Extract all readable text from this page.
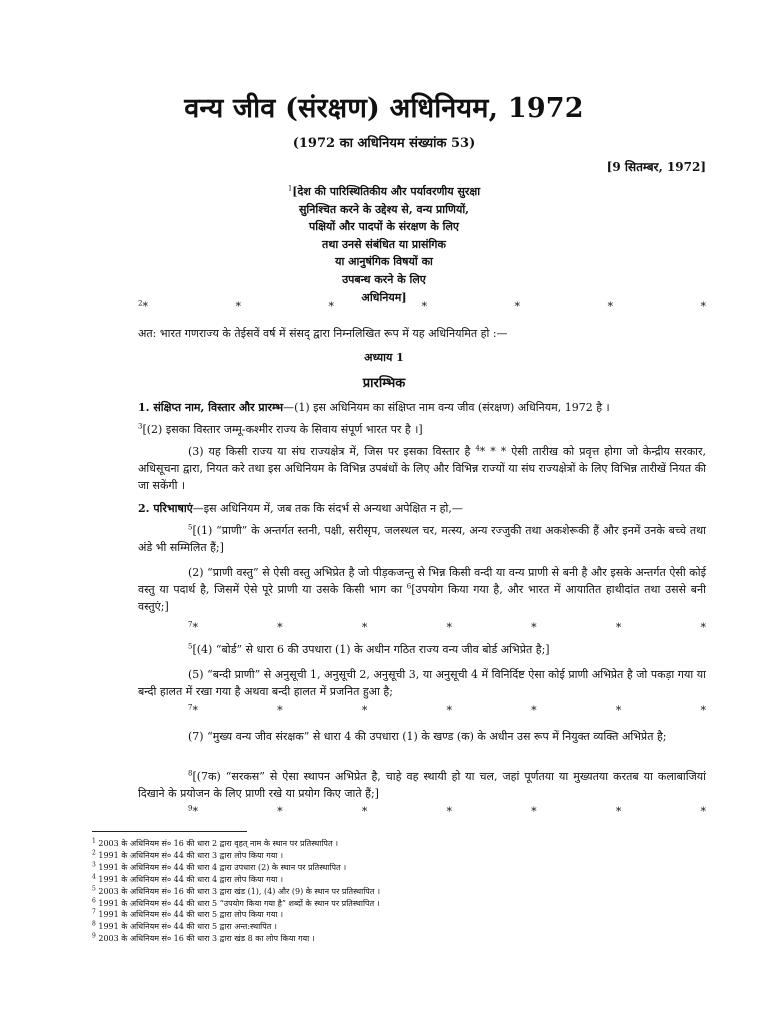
वन्य जीव (संरक्षण) अधिनियम, 1972
(1972 का अधिनियम संख्यांक 53)
[9 सितम्बर, 1972]
$^1$[देश की पारिस्थितिकीय और पर्यावरणीय सुरक्षा
सुनिश्चित करने के उद्देश्य से, वन्य प्राणियों,
पक्षियों और पादपों के संरक्षण के लिए
तथा उनसे संबंधित या प्रासंगिक
या आनुषंगिक विषयों का
उपबन्ध करने के लिए
अधिनियम]
$^2$*	*	*	*	*	*	*
अत: भारत गणराज्य के तेईसवें वर्ष में संसद् द्वारा निम्नलिखित रूप में यह अधिनियमित हो :—
अध्याय 1
प्रारम्भिक
1. संक्षिप्त नाम, विस्तार और प्रारम्भ—(1) इस अधिनियम का संक्षिप्त नाम वन्य जीव (संरक्षण) अधिनियम, 1972 है ।
$^3$[(2) इसका विस्तार जम्मू-कश्मीर राज्य के सिवाय संपूर्ण भारत पर है ।]
(3) यह किसी राज्य या संघ राज्यक्षेत्र में, जिस पर इसका विस्तार है $^4$* * * ऐसी तारीख को प्रवृत्त होगा जो केन्द्रीय सरकार, अधिसूचना द्वारा, नियत करे तथा इस अधिनियम के विभिन्न उपबंधों के लिए और विभिन्न राज्यों या संघ राज्यक्षेत्रों के लिए विभिन्न तारीखें नियत की जा सकेंगी ।
2. परिभाषाएं—इस अधिनियम में, जब तक कि संदर्भ से अन्यथा अपेक्षित न हो,—
$^5$[(1) “प्राणी” के अन्तर्गत स्तनी, पक्षी, सरीसृप, जलस्थल चर, मत्स्य, अन्य रज्जुकी तथा अकशेरूकी हैं और इनमें उनके बच्चे तथा अंडे भी सम्मिलित हैं;]
(2) “प्राणी वस्तु” से ऐसी वस्तु अभिप्रेत है जो पीड़कजन्तु से भिन्न किसी वन्दी या वन्य प्राणी से बनी है और इसके अन्तर्गत ऐसी कोई वस्तु या पदार्थ है, जिसमें ऐसे पूरे प्राणी या उसके किसी भाग का $^6$[उपयोग किया गया है, और भारत में आयातित हाथीदांत तथा उससे बनी वस्तुएं;]
$^7$*	*	*	*	*	*	*
$^5$[(4) “बोर्ड” से धारा 6 की उपधारा (1) के अधीन गठित राज्य वन्य जीव बोर्ड अभिप्रेत है;]
(5) “बन्दी प्राणी” से अनुसूची 1, अनुसूची 2, अनुसूची 3, या अनुसूची 4 में विनिर्दिष्ट ऐसा कोई प्राणी अभिप्रेत है जो पकड़ा गया या बन्दी हालत में रखा गया है अथवा बन्दी हालत में प्रजनित हुआ है;
$^7$*	*	*	*	*	*	*
(7) “मुख्य वन्य जीव संरक्षक” से धारा 4 की उपधारा (1) के खण्ड (क) के अधीन उस रूप में नियुक्त व्यक्ति अभिप्रेत है;
$^8$[(7क) “सरकस” से ऐसा स्थापन अभिप्रेत है, चाहे वह स्थायी हो या चल, जहां पूर्णतया या मुख्यतया करतब या कलाबाजियां दिखाने के प्रयोजन के लिए प्राणी रखे या प्रयोग किए जाते हैं;]
$^9$*	*	*	*	*	*	*
$^1$ 2003 के अधिनियम सं० 16 की धारा 2 द्वारा वृहत् नाम के स्थान पर प्रतिस्थापित ।
$^2$ 1991 के अधिनियम सं० 44 की धारा 3 द्वारा लोप किया गया ।
$^3$ 1991 के अधिनियम सं० 44 की धारा 4 द्वारा उपधारा (2) के स्थान पर प्रतिस्थापित ।
$^4$ 1991 के अधिनियम सं० 44 की धारा 4 द्वारा लोप किया गया ।
$^5$ 2003 के अधिनियम सं० 16 की धारा 3 द्वारा खंड (1), (4) और (9) के स्थान पर प्रतिस्थापित ।
$^6$ 1991 के अधिनियम सं० 44 की धारा 5 “उपयोग किया गया है” शब्दों के स्थान पर प्रतिस्थापित ।
$^7$ 1991 के अधिनियम सं० 44 की धारा 5 द्वारा लोप किया गया ।
$^8$ 1991 के अधिनियम सं० 44 की धारा 5 द्वारा अन्त:स्थापित ।
$^9$ 2003 के अधिनियम सं० 16 की धारा 3 द्वारा खंड 8 का लोप किया गया ।
